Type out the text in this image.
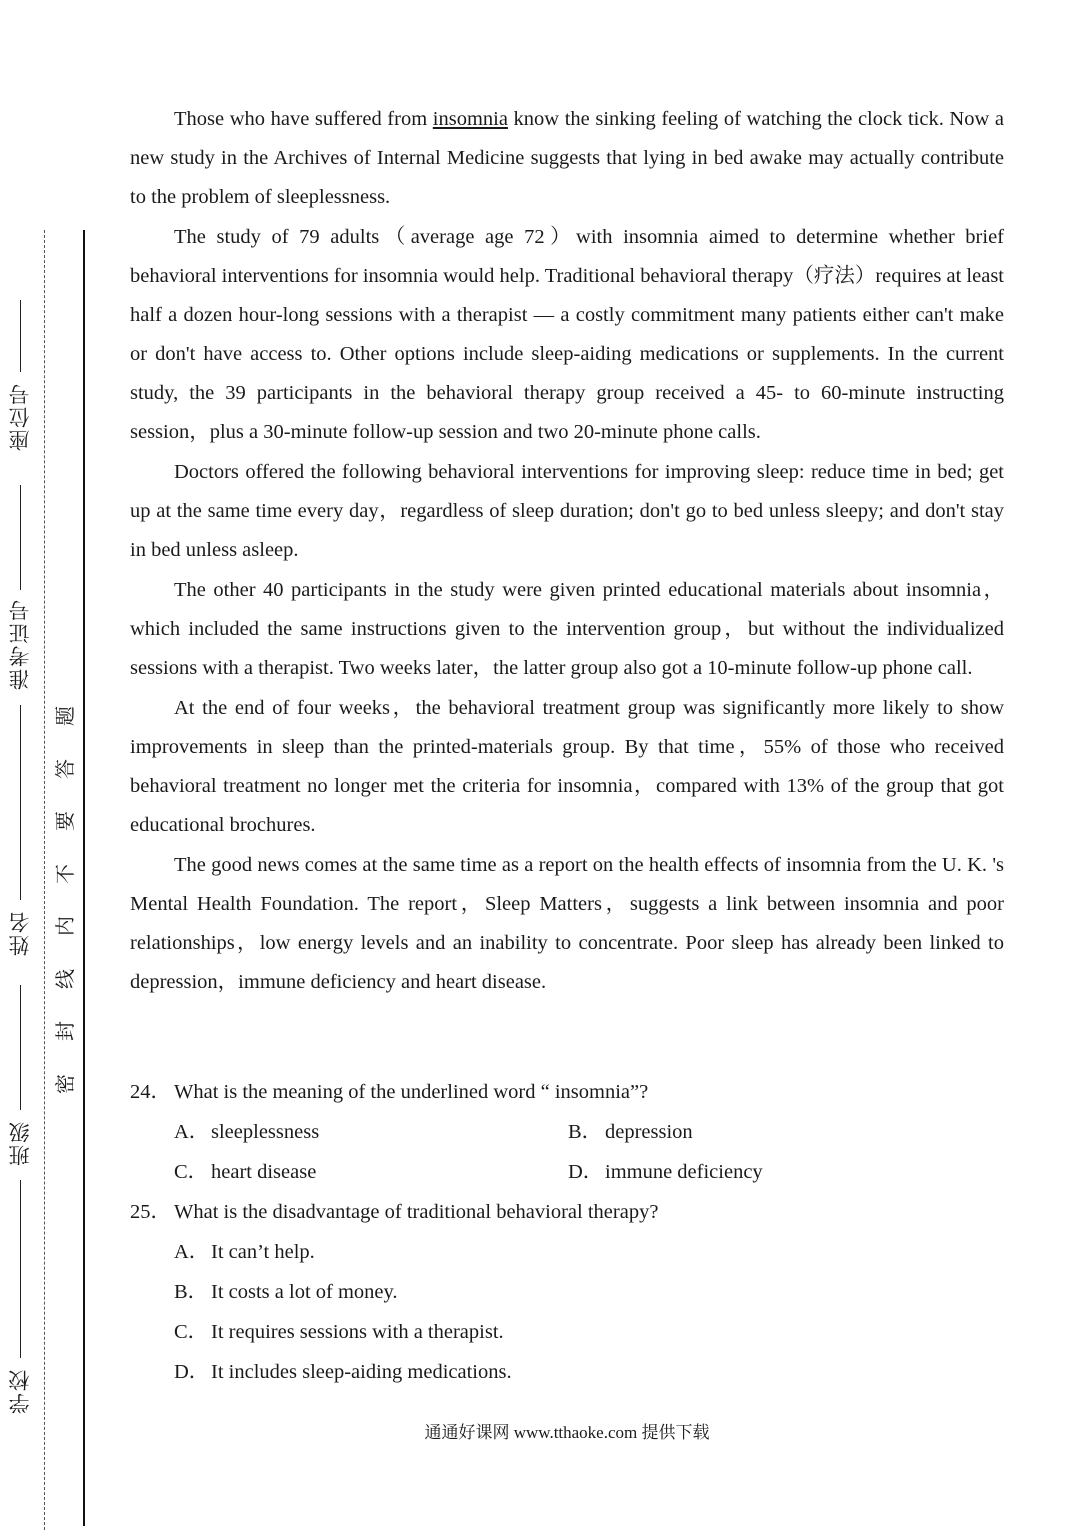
座位号
准考证号
姓名
班级
学校
密
封
线
内
不
要
答
题

Those who have suffered from insomnia know the sinking feeling of watching the clock tick. Now a new study in the Archives of Internal Medicine suggests that lying in bed awake may actually contribute to the problem of sleeplessness.

The study of 79 adults（average age 72）with insomnia aimed to determine whether brief behavioral interventions for insomnia would help. Traditional behavioral therapy（疗法）requires at least half a dozen hour-long sessions with a therapist — a costly commitment many patients either can't make or don't have access to. Other options include sleep-aiding medications or supplements. In the current study, the 39 participants in the behavioral therapy group received a 45- to 60-minute instructing session，plus a 30-minute follow-up session and two 20-minute phone calls.

Doctors offered the following behavioral interventions for improving sleep: reduce time in bed; get up at the same time every day，regardless of sleep duration; don't go to bed unless sleepy; and don't stay in bed unless asleep.

The other 40 participants in the study were given printed educational materials about insomnia，which included the same instructions given to the intervention group，but without the individualized sessions with a therapist. Two weeks later，the latter group also got a 10-minute follow-up phone call.

At the end of four weeks，the behavioral treatment group was significantly more likely to show improvements in sleep than the printed-materials group. By that time，55% of those who received behavioral treatment no longer met the criteria for insomnia，compared with 13% of the group that got educational brochures.

The good news comes at the same time as a report on the health effects of insomnia from the U. K. 's Mental Health Foundation. The report，Sleep Matters，suggests a link between insomnia and poor relationships，low energy levels and an inability to concentrate. Poor sleep has already been linked to depression，immune deficiency and heart disease.

24． What is the meaning of the underlined word “ insomnia”?
A．sleeplessness	B． depression
C． heart disease	D．immune deficiency
25． What is the disadvantage of traditional behavioral therapy?
A． It can’t help.
B． It costs a lot of money.
C． It requires sessions with a therapist.
D． It includes sleep-aiding medications.
通通好课网 www.tthaoke.com 提供下载
